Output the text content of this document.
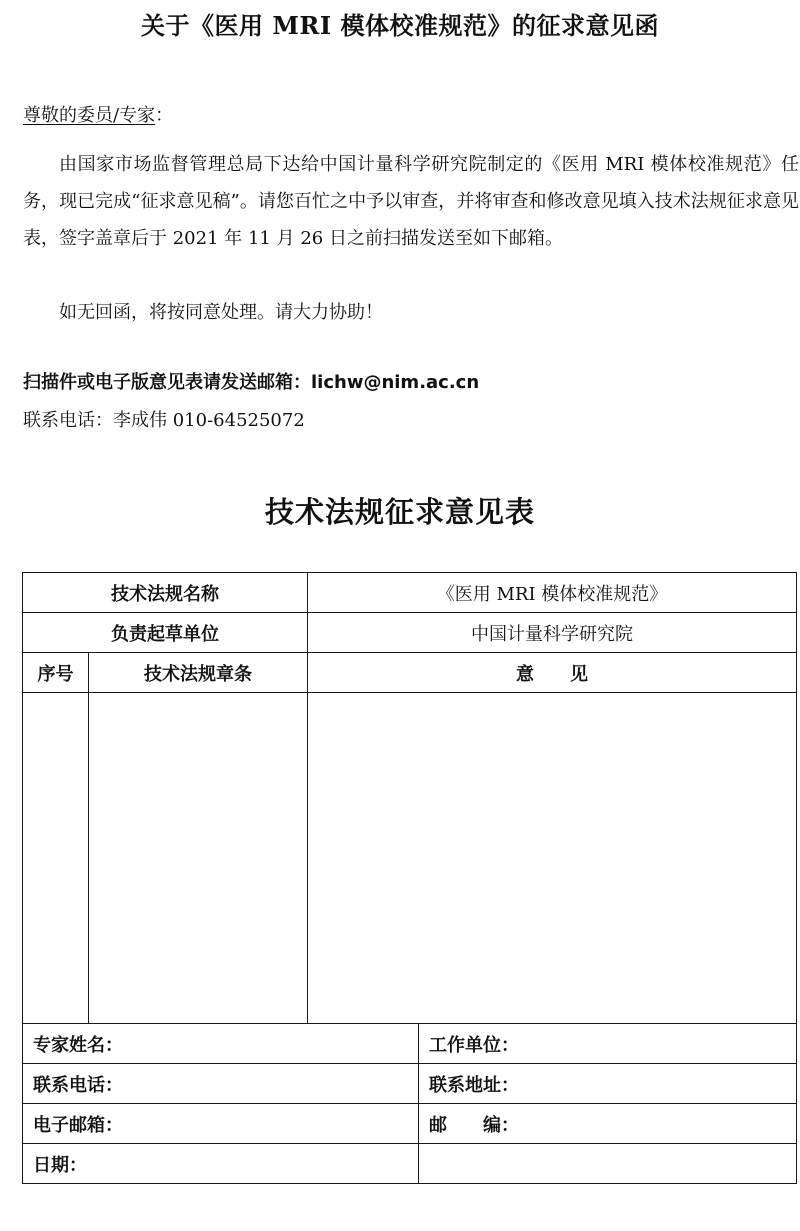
关于《医用 MRI 模体校准规范》的征求意见函
尊敬的委员/专家：

由国家市场监督管理总局下达给中国计量科学研究院制定的《医用 MRI 模体校准规范》任务，现已完成“征求意见稿”。请您百忙之中予以审查，并将审查和修改意见填入技术法规征求意见表，签字盖章后于 2021 年 11 月 26 日之前扫描发送至如下邮箱。

如无回函，将按同意处理。请大力协助！

扫描件或电子版意见表请发送邮箱：lichw@nim.ac.cn
联系电话：李成伟 010-64525072
技术法规征求意见表
技术法规名称		《医用 MRI 模体校准规范》	
负责起草单位		中国计量科学研究院	
序号	技术法规章条	意　　见	

专家姓名：			工作单位：
联系电话：			联系地址：
电子邮箱：			邮　　编：
日期：			
